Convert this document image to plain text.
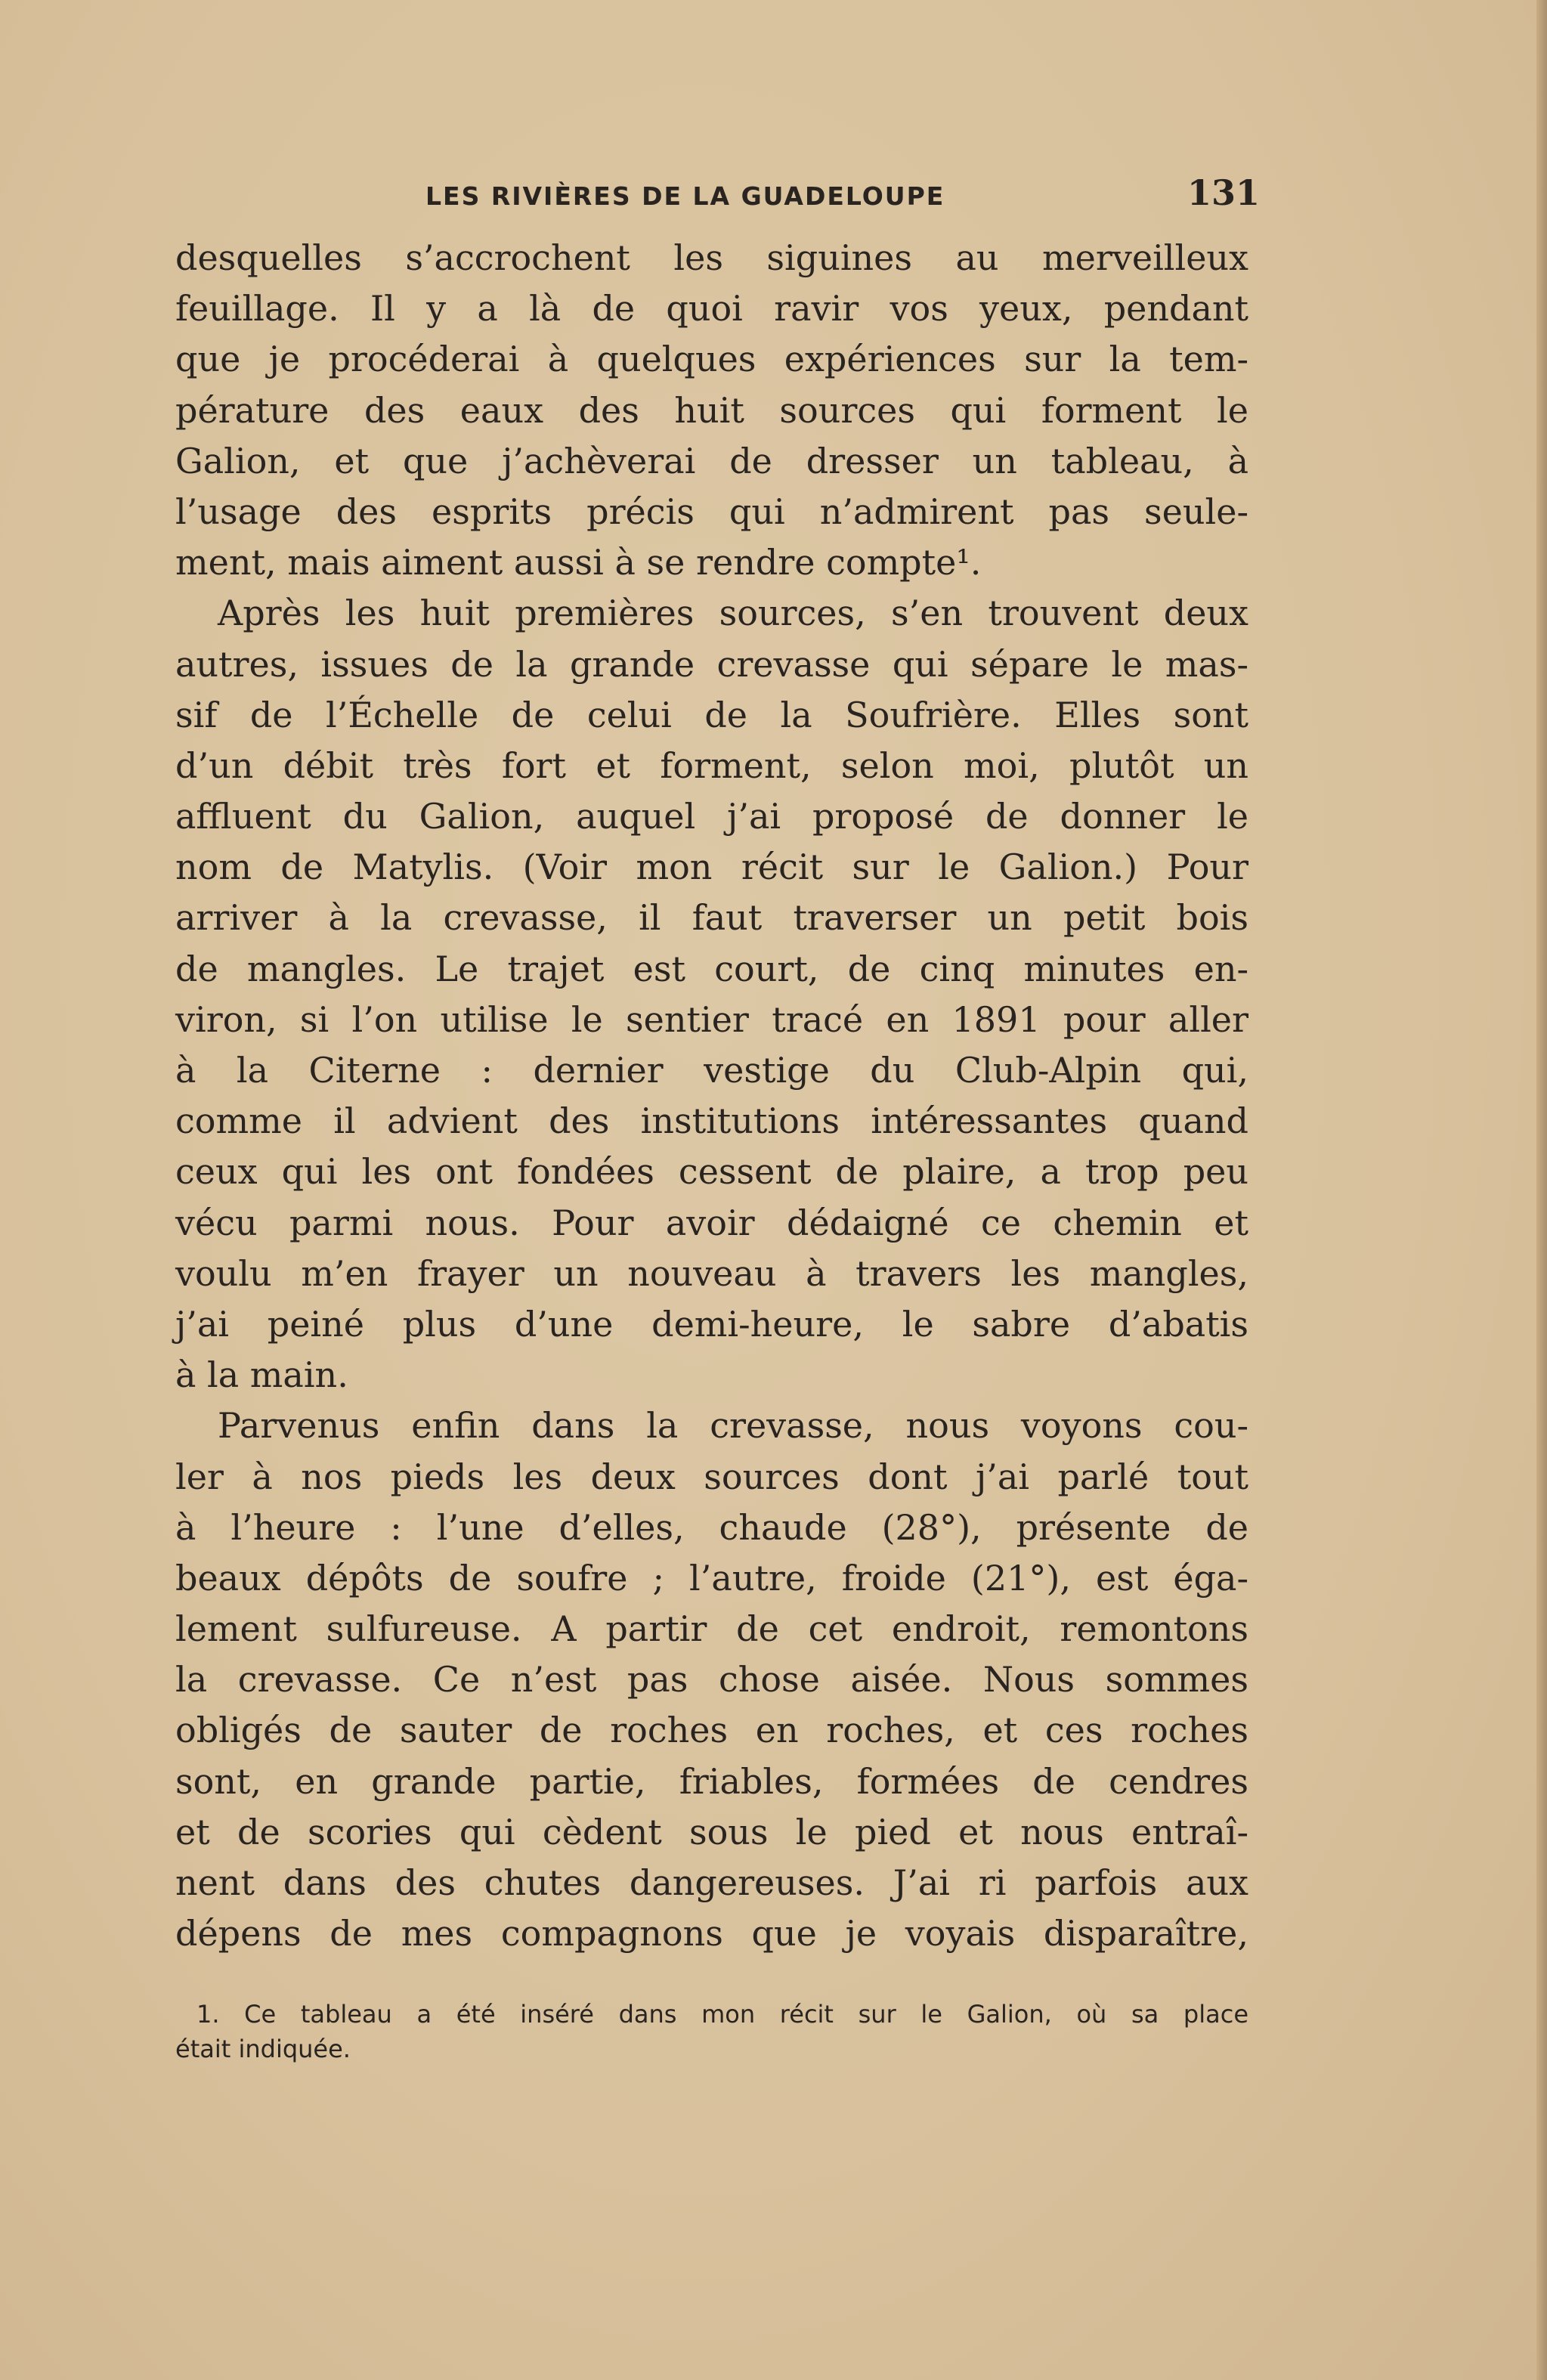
LES RIVIÈRES DE LA GUADELOUPE	131
desquelles s’accrochent les siguines au merveilleux
feuillage. Il y a là de quoi ravir vos yeux, pendant
que je procéderai à quelques expériences sur la tem-
pérature des eaux des huit sources qui forment le
Galion, et que j’achèverai de dresser un tableau, à
l’usage des esprits précis qui n’admirent pas seule-
ment, mais aiment aussi à se rendre compte¹.
Après les huit premières sources, s’en trouvent deux
autres, issues de la grande crevasse qui sépare le mas-
sif de l’Échelle de celui de la Soufrière. Elles sont
d’un débit très fort et forment, selon moi, plutôt un
affluent du Galion, auquel j’ai proposé de donner le
nom de Matylis. (Voir mon récit sur le Galion.) Pour
arriver à la crevasse, il faut traverser un petit bois
de mangles. Le trajet est court, de cinq minutes en-
viron, si l’on utilise le sentier tracé en 1891 pour aller
à la Citerne : dernier vestige du Club-Alpin qui,
comme il advient des institutions intéressantes quand
ceux qui les ont fondées cessent de plaire, a trop peu
vécu parmi nous. Pour avoir dédaigné ce chemin et
voulu m’en frayer un nouveau à travers les mangles,
j’ai peiné plus d’une demi-heure, le sabre d’abatis
à la main.
Parvenus enfin dans la crevasse, nous voyons cou-
ler à nos pieds les deux sources dont j’ai parlé tout
à l’heure : l’une d’elles, chaude (28°), présente de
beaux dépôts de soufre ; l’autre, froide (21°), est éga-
lement sulfureuse. A partir de cet endroit, remontons
la crevasse. Ce n’est pas chose aisée. Nous sommes
obligés de sauter de roches en roches, et ces roches
sont, en grande partie, friables, formées de cendres
et de scories qui cèdent sous le pied et nous entraî-
nent dans des chutes dangereuses. J’ai ri parfois aux
dépens de mes compagnons que je voyais disparaître,
1. Ce tableau a été inséré dans mon récit sur le Galion, où sa place
était indiquée.
